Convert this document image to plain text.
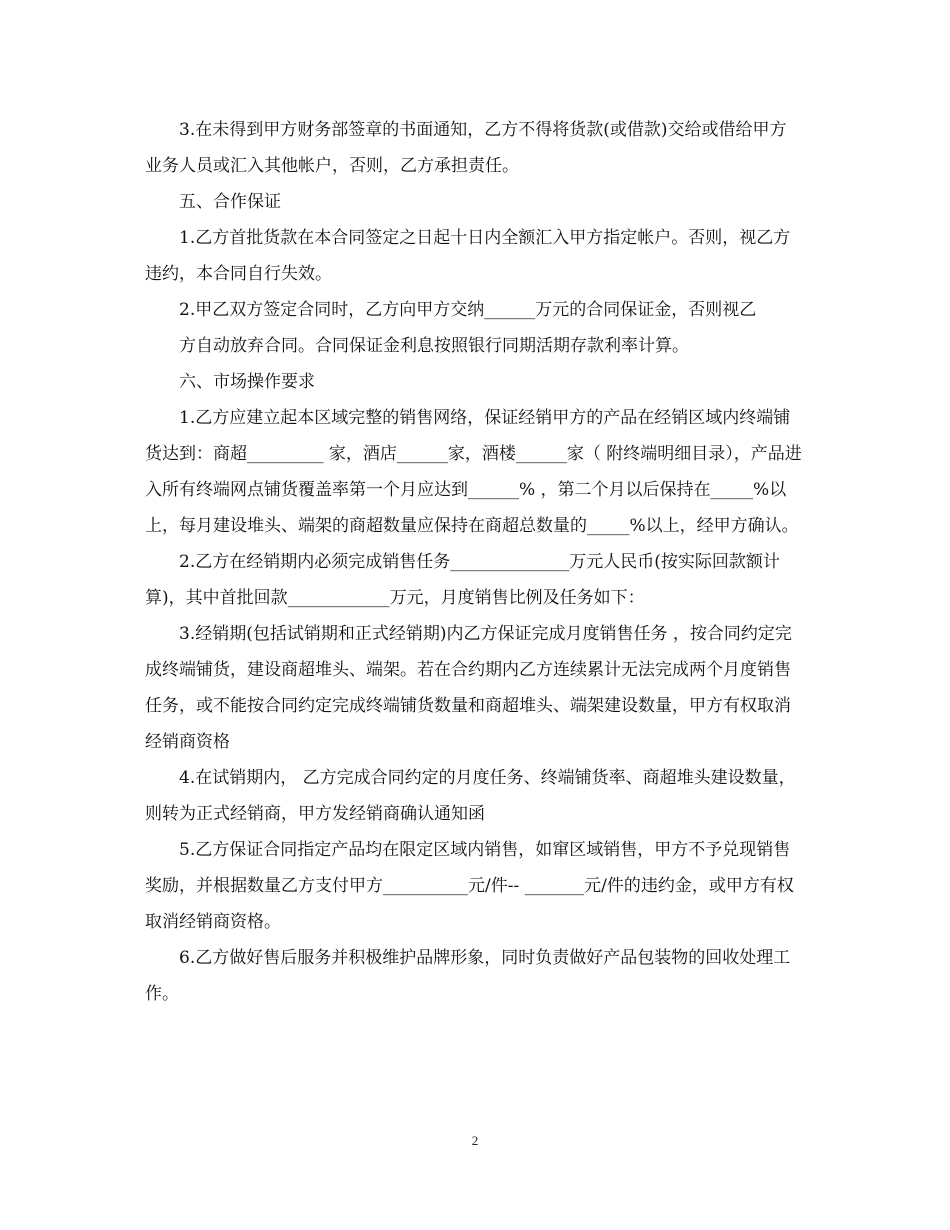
3.在未得到甲方财务部签章的书面通知，乙方不得将货款(或借款)交给或借给甲方业务人员或汇入其他帐户，否则，乙方承担责任。

五、合作保证

1.乙方首批货款在本合同签定之日起十日内全额汇入甲方指定帐户。否则，视乙方违约，本合同自行失效。

2.甲乙双方签定合同时，乙方向甲方交纳______万元的合同保证金，否则视乙

方自动放弃合同。合同保证金利息按照银行同期活期存款利率计算。

六、市场操作要求

1.乙方应建立起本区域完整的销售网络，保证经销甲方的产品在经销区域内终端铺货达到：商超_________ 家，酒店______家，酒楼______家（ 附终端明细目录），产品进入所有终端网点铺货覆盖率第一个月应达到______% ，第二个月以后保持在_____%以上，每月建设堆头、端架的商超数量应保持在商超总数量的_____%以上，经甲方确认。

2.乙方在经销期内必须完成销售任务______________万元人民币(按实际回款额计算)，其中首批回款____________万元，月度销售比例及任务如下：

3.经销期(包括试销期和正式经销期)内乙方保证完成月度销售任务 ，按合同约定完成终端铺货，建设商超堆头、端架。若在合约期内乙方连续累计无法完成两个月度销售任务，或不能按合同约定完成终端铺货数量和商超堆头、端架建设数量，甲方有权取消经销商资格

4.在试销期内， 乙方完成合同约定的月度任务、终端铺货率、商超堆头建设数量，则转为正式经销商，甲方发经销商确认通知函

5.乙方保证合同指定产品均在限定区域内销售，如窜区域销售，甲方不予兑现销售奖励，并根据数量乙方支付甲方__________元/件-- _______元/件的违约金，或甲方有权取消经销商资格。

6.乙方做好售后服务并积极维护品牌形象，同时负责做好产品包装物的回收处理工作。

2
